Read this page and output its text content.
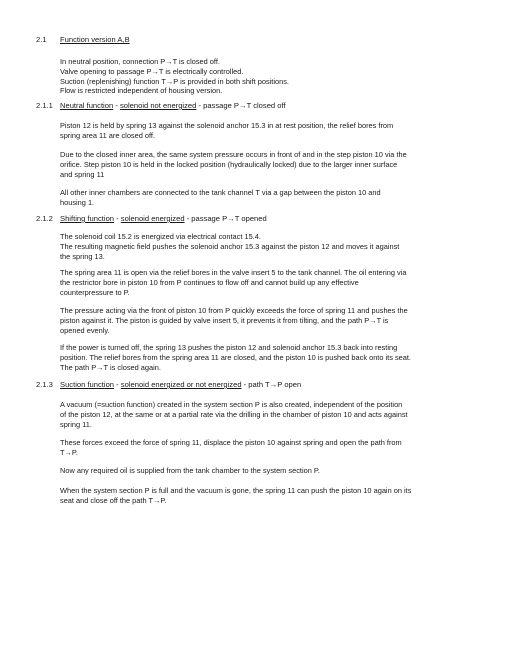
2.1 Function version A,B
In neutral position, connection P→T is closed off.
Valve opening to passage P→T is electrically controlled.
Suction (replenishing) function T→P is provided in both shift positions.
Flow is restricted independent of housing version.
2.1.1 Neutral function - solenoid not energized - passage P→T closed off
Piston 12 is held by spring 13 against the solenoid anchor 15.3 in at rest position, the relief bores from
spring area 11 are closed off.
Due to the closed inner area, the same system pressure occurs in front of and in the step piston 10 via the
orifice. Step piston 10 is held in the locked position (hydraulically locked) due to the larger inner surface
and spring 11
All other inner chambers are connected to the tank channel T via a gap between the piston 10 and
housing 1.
2.1.2 Shifting function - solenoid energized - passage P→T opened
The solenoid coil 15.2 is energized via electrical contact 15.4.
The resulting magnetic field pushes the solenoid anchor 15.3 against the piston 12 and moves it against
the spring 13.
The spring area 11 is open via the relief bores in the valve insert 5 to the tank channel. The oil entering via
the restrictor bore in piston 10 from P continues to flow off and cannot build up any effective
counterpressure to P.
The pressure acting via the front of piston 10 from P quickly exceeds the force of spring 11 and pushes the
piston against it. The piston is guided by valve insert 5, it prevents it from tilting, and the path P→T is
opened evenly.
If the power is turned off, the spring 13 pushes the piston 12 and solenoid anchor 15.3 back into resting
position. The relief bores from the spring area 11 are closed, and the piston 10 is pushed back onto its seat.
The path P→T is closed again.
2.1.3 Suction function - solenoid energized or not energized - path T→P open
A vacuum (=suction function) created in the system section P is also created, independent of the position
of the piston 12, at the same or at a partial rate via the drilling in the chamber of piston 10 and acts against
spring 11.
These forces exceed the force of spring 11, displace the piston 10 against spring and open the path from
T→P.
Now any required oil is supplied from the tank chamber to the system section P.
When the system section P is full and the vacuum is gone, the spring 11 can push the piston 10 again on its
seat and close off the path T→P.
